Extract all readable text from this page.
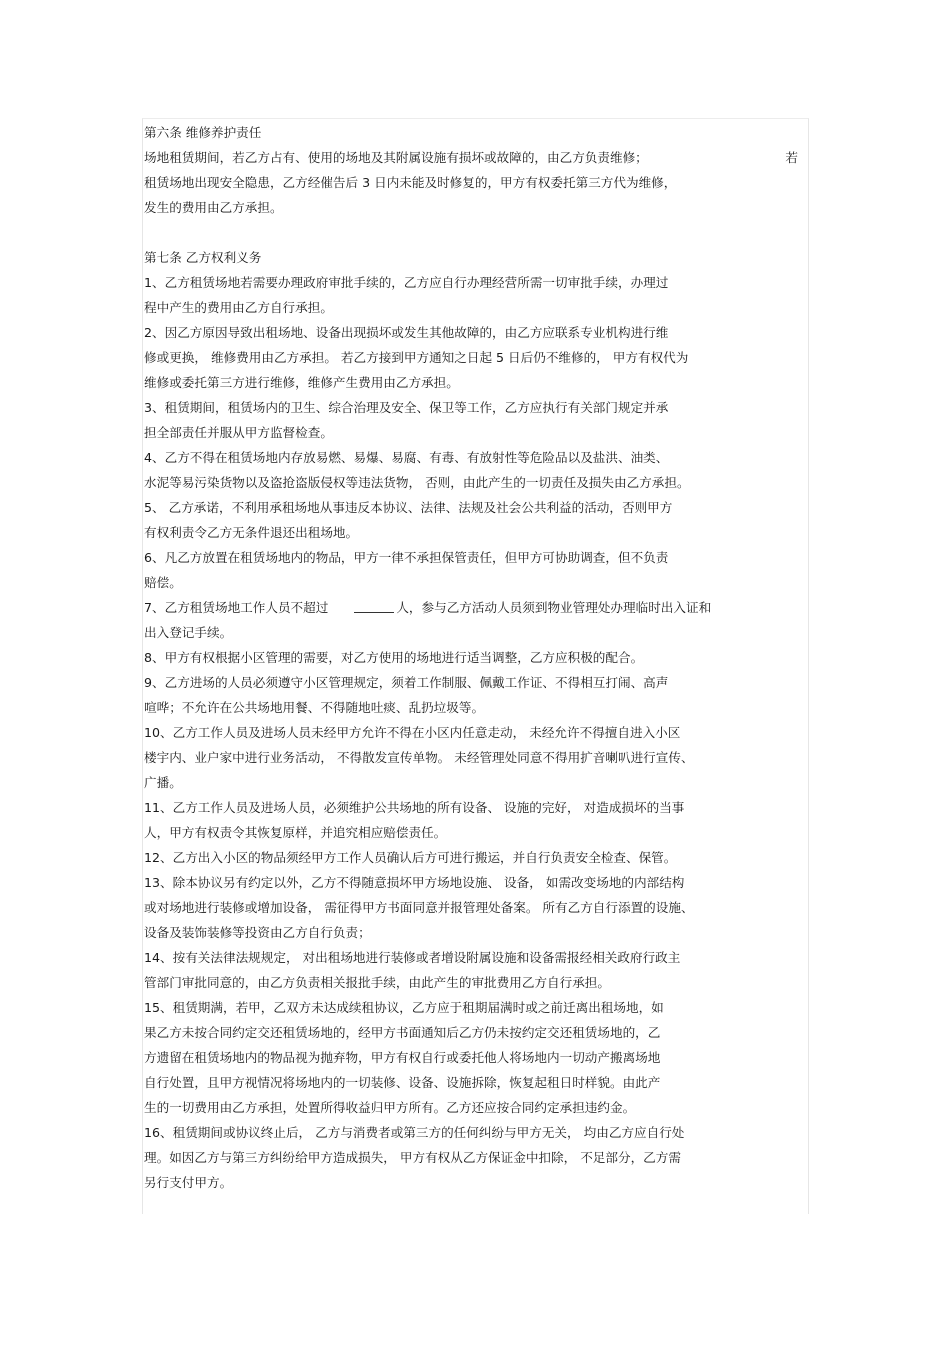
第六条 维修养护责任
场地租赁期间，若乙方占有、使用的场地及其附属设施有损坏或故障的，由乙方负责维修；	若
租赁场地出现安全隐患，乙方经催告后 3 日内未能及时修复的，甲方有权委托第三方代为维修，
发生的费用由乙方承担。
第七条 乙方权利义务
1、乙方租赁场地若需要办理政府审批手续的，乙方应自行办理经营所需一切审批手续，办理过
程中产生的费用由乙方自行承担。
2、因乙方原因导致出租场地、设备出现损坏或发生其他故障的，由乙方应联系专业机构进行维
修或更换， 维修费用由乙方承担。 若乙方接到甲方通知之日起 5 日后仍不维修的， 甲方有权代为
维修或委托第三方进行维修，维修产生费用由乙方承担。
3、租赁期间，租赁场内的卫生、综合治理及安全、保卫等工作，乙方应执行有关部门规定并承
担全部责任并服从甲方监督检查。
4、乙方不得在租赁场地内存放易燃、易爆、易腐、有毒、有放射性等危险品以及盐洪、油类、
水泥等易污染货物以及盗抢盗版侵权等违法货物， 否则，由此产生的一切责任及损失由乙方承担。
5、 乙方承诺，不利用承租场地从事违反本协议、法律、法规及社会公共利益的活动，否则甲方
有权利责令乙方无条件退还出租场地。
6、凡乙方放置在租赁场地内的物品，甲方一律不承担保管责任，但甲方可协助调查，但不负责
赔偿。
7、乙方租赁场地工作人员不超过	人，参与乙方活动人员须到物业管理处办理临时出入证和
出入登记手续。
8、甲方有权根据小区管理的需要，对乙方使用的场地进行适当调整，乙方应积极的配合。
9、乙方进场的人员必须遵守小区管理规定，须着工作制服、佩戴工作证、不得相互打闹、高声
喧哗；不允许在公共场地用餐、不得随地吐痰、乱扔垃圾等。
10、乙方工作人员及进场人员未经甲方允许不得在小区内任意走动， 未经允许不得擅自进入小区
楼宇内、业户家中进行业务活动， 不得散发宣传单物。 未经管理处同意不得用扩音喇叭进行宣传、
广播。
11、乙方工作人员及进场人员，必须维护公共场地的所有设备、 设施的完好， 对造成损坏的当事
人，甲方有权责令其恢复原样，并追究相应赔偿责任。
12、乙方出入小区的物品须经甲方工作人员确认后方可进行搬运，并自行负责安全检查、保管。
13、除本协议另有约定以外，乙方不得随意损坏甲方场地设施、 设备， 如需改变场地的内部结构
或对场地进行装修或增加设备， 需征得甲方书面同意并报管理处备案。 所有乙方自行添置的设施、
设备及装饰装修等投资由乙方自行负责；
14、按有关法律法规规定， 对出租场地进行装修或者增设附属设施和设备需报经相关政府行政主
管部门审批同意的，由乙方负责相关报批手续，由此产生的审批费用乙方自行承担。
15、租赁期满，若甲，乙双方未达成续租协议，乙方应于租期届满时或之前迁离出租场地，如
果乙方未按合同约定交还租赁场地的，经甲方书面通知后乙方仍未按约定交还租赁场地的，乙
方遗留在租赁场地内的物品视为抛弃物，甲方有权自行或委托他人将场地内一切动产搬离场地
自行处置，且甲方视情况将场地内的一切装修、设备、设施拆除，恢复起租日时样貌。由此产
生的一切费用由乙方承担，处置所得收益归甲方所有。乙方还应按合同约定承担违约金。
16、租赁期间或协议终止后， 乙方与消费者或第三方的任何纠纷与甲方无关， 均由乙方应自行处
理。如因乙方与第三方纠纷给甲方造成损失， 甲方有权从乙方保证金中扣除， 不足部分，乙方需
另行支付甲方。
